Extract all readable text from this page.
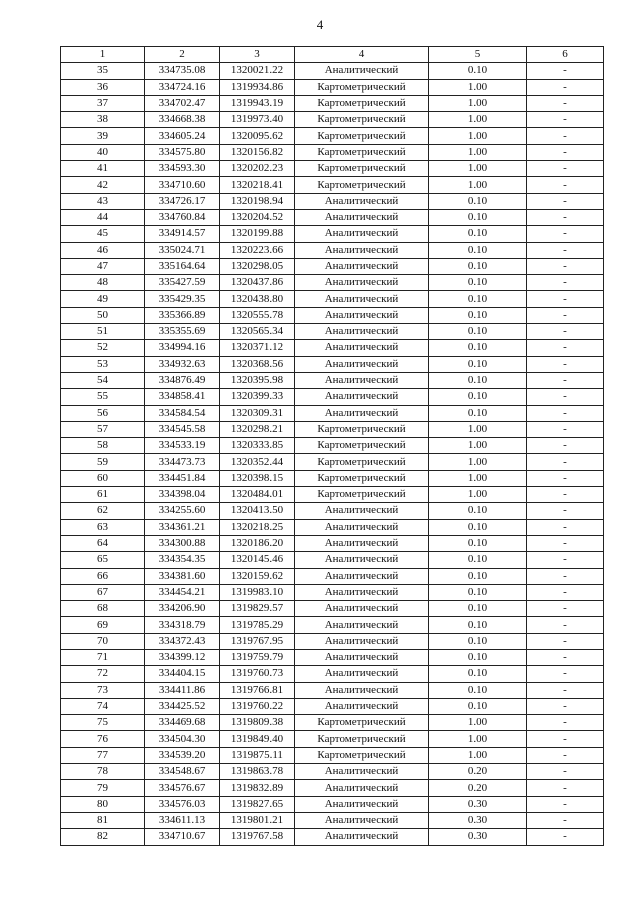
4
1	2	3	4	5	6
35	334735.08	1320021.22	Аналитический	0.10	-
36	334724.16	1319934.86	Картометрический	1.00	-
37	334702.47	1319943.19	Картометрический	1.00	-
38	334668.38	1319973.40	Картометрический	1.00	-
39	334605.24	1320095.62	Картометрический	1.00	-
40	334575.80	1320156.82	Картометрический	1.00	-
41	334593.30	1320202.23	Картометрический	1.00	-
42	334710.60	1320218.41	Картометрический	1.00	-
43	334726.17	1320198.94	Аналитический	0.10	-
44	334760.84	1320204.52	Аналитический	0.10	-
45	334914.57	1320199.88	Аналитический	0.10	-
46	335024.71	1320223.66	Аналитический	0.10	-
47	335164.64	1320298.05	Аналитический	0.10	-
48	335427.59	1320437.86	Аналитический	0.10	-
49	335429.35	1320438.80	Аналитический	0.10	-
50	335366.89	1320555.78	Аналитический	0.10	-
51	335355.69	1320565.34	Аналитический	0.10	-
52	334994.16	1320371.12	Аналитический	0.10	-
53	334932.63	1320368.56	Аналитический	0.10	-
54	334876.49	1320395.98	Аналитический	0.10	-
55	334858.41	1320399.33	Аналитический	0.10	-
56	334584.54	1320309.31	Аналитический	0.10	-
57	334545.58	1320298.21	Картометрический	1.00	-
58	334533.19	1320333.85	Картометрический	1.00	-
59	334473.73	1320352.44	Картометрический	1.00	-
60	334451.84	1320398.15	Картометрический	1.00	-
61	334398.04	1320484.01	Картометрический	1.00	-
62	334255.60	1320413.50	Аналитический	0.10	-
63	334361.21	1320218.25	Аналитический	0.10	-
64	334300.88	1320186.20	Аналитический	0.10	-
65	334354.35	1320145.46	Аналитический	0.10	-
66	334381.60	1320159.62	Аналитический	0.10	-
67	334454.21	1319983.10	Аналитический	0.10	-
68	334206.90	1319829.57	Аналитический	0.10	-
69	334318.79	1319785.29	Аналитический	0.10	-
70	334372.43	1319767.95	Аналитический	0.10	-
71	334399.12	1319759.79	Аналитический	0.10	-
72	334404.15	1319760.73	Аналитический	0.10	-
73	334411.86	1319766.81	Аналитический	0.10	-
74	334425.52	1319760.22	Аналитический	0.10	-
75	334469.68	1319809.38	Картометрический	1.00	-
76	334504.30	1319849.40	Картометрический	1.00	-
77	334539.20	1319875.11	Картометрический	1.00	-
78	334548.67	1319863.78	Аналитический	0.20	-
79	334576.67	1319832.89	Аналитический	0.20	-
80	334576.03	1319827.65	Аналитический	0.30	-
81	334611.13	1319801.21	Аналитический	0.30	-
82	334710.67	1319767.58	Аналитический	0.30	-
